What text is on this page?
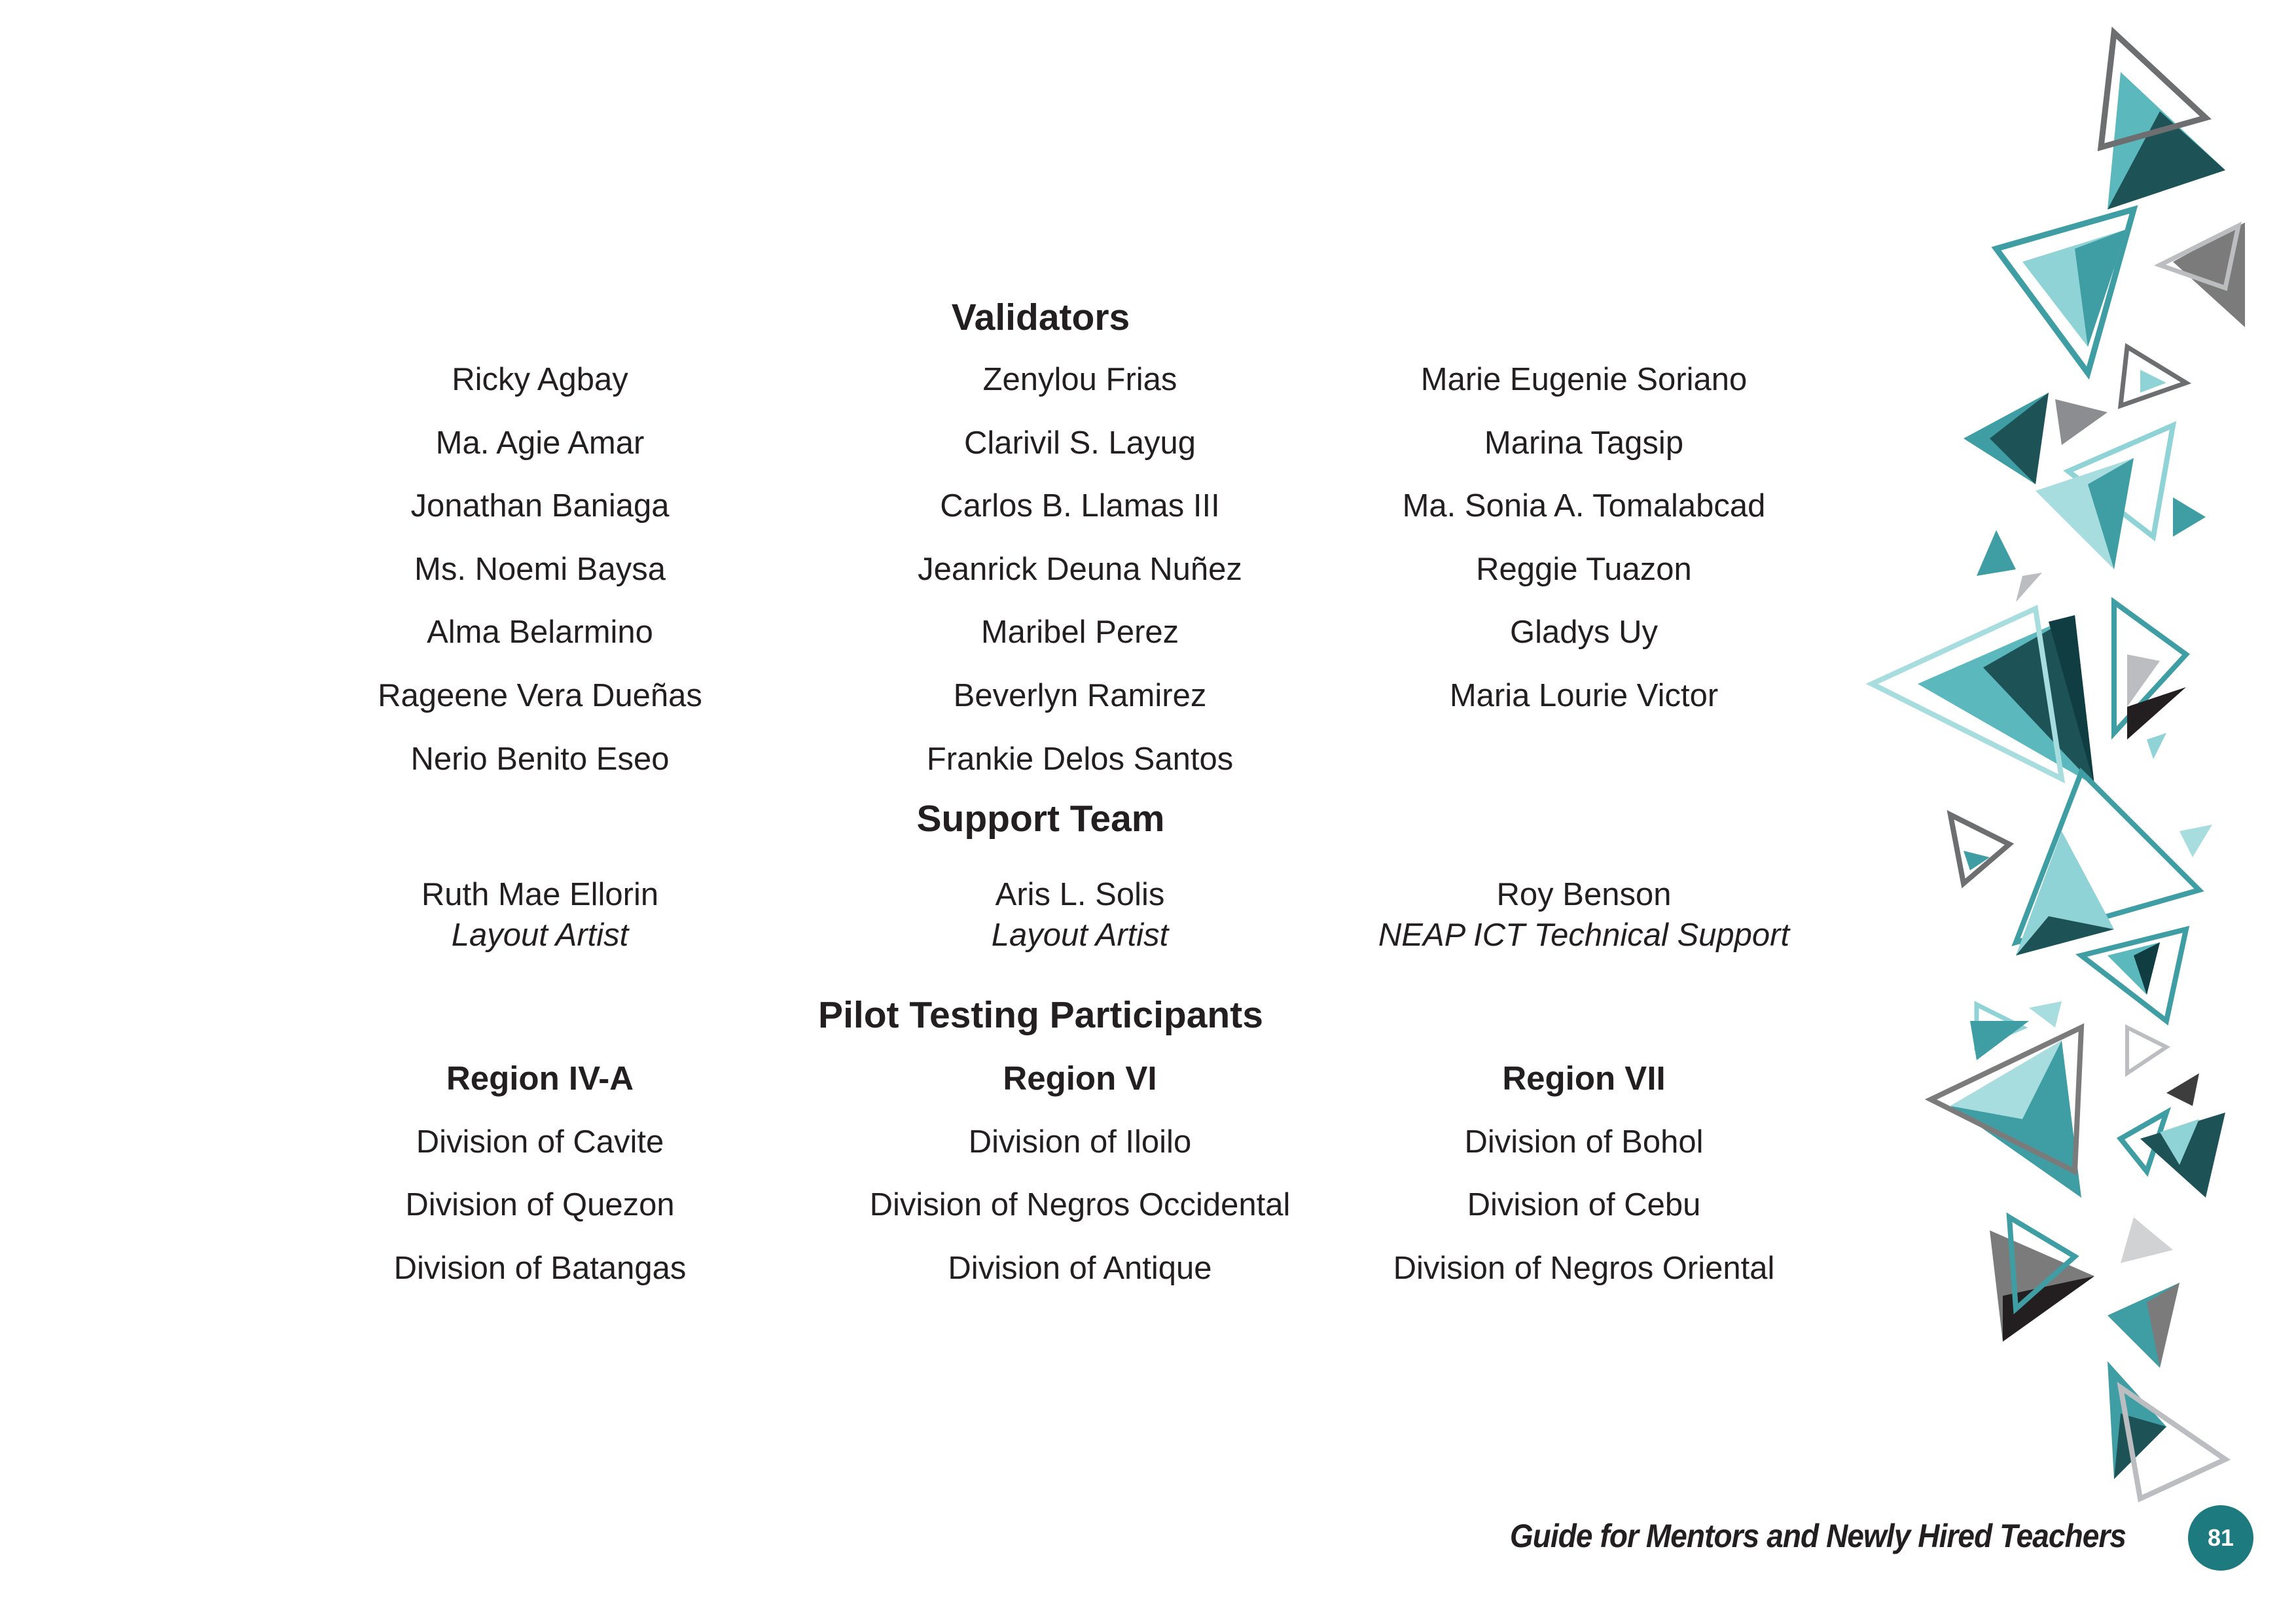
Validators
Ricky Agbay
Ma. Agie Amar
Jonathan Baniaga
Ms. Noemi Baysa
Alma Belarmino
Rageene Vera Dueñas
Nerio Benito Eseo
Zenylou Frias
Clarivil S. Layug
Carlos B. Llamas III
Jeanrick Deuna Nuñez
Maribel Perez
Beverlyn Ramirez
Frankie Delos Santos
Marie Eugenie Soriano
Marina Tagsip
Ma. Sonia A. Tomalabcad
Reggie Tuazon
Gladys Uy
Maria Lourie Victor
Support Team
Ruth Mae Ellorin
Layout Artist
Aris L. Solis
Layout Artist
Roy Benson
NEAP ICT Technical Support
Pilot Testing Participants
Region IV-A
Division of Cavite
Division of Quezon
Division of Batangas
Region VI
Division of Iloilo
Division of Negros Occidental
Division of Antique
Region VII
Division of Bohol
Division of Cebu
Division of Negros Oriental
Guide for Mentors and Newly Hired Teachers	81
